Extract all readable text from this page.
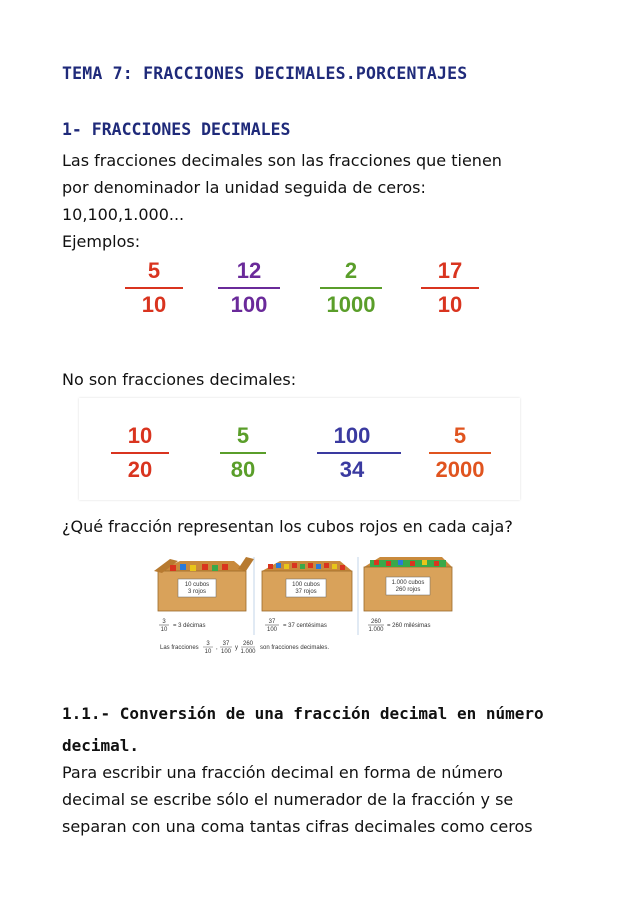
TEMA 7: FRACCIONES DECIMALES.PORCENTAJES
1- FRACCIONES DECIMALES
Las fracciones decimales son las fracciones que tienen
por denominador la unidad seguida de ceros:
10,100,1.000...
Ejemplos:
5
10
12
100
2
1000
17
10
No son fracciones decimales:
10
20
5
80
100
34
5
2000
¿Qué fracción representan los cubos rojos en cada caja?
10 cubos
3 rojos
100 cubos
37 rojos
1.000 cubos
260 rojos
3
10
= 3 décimas
37
100
= 37 centésimas
260
1.000
= 260 milésimas
Las fracciones
3
10
,
37
100
y
260
1.000
son fracciones decimales.
1.1.- Conversión de una fracción decimal en número
decimal.
Para escribir una fracción decimal en forma de número
decimal se escribe sólo el numerador de la fracción y se
separan con una coma tantas cifras decimales como ceros
